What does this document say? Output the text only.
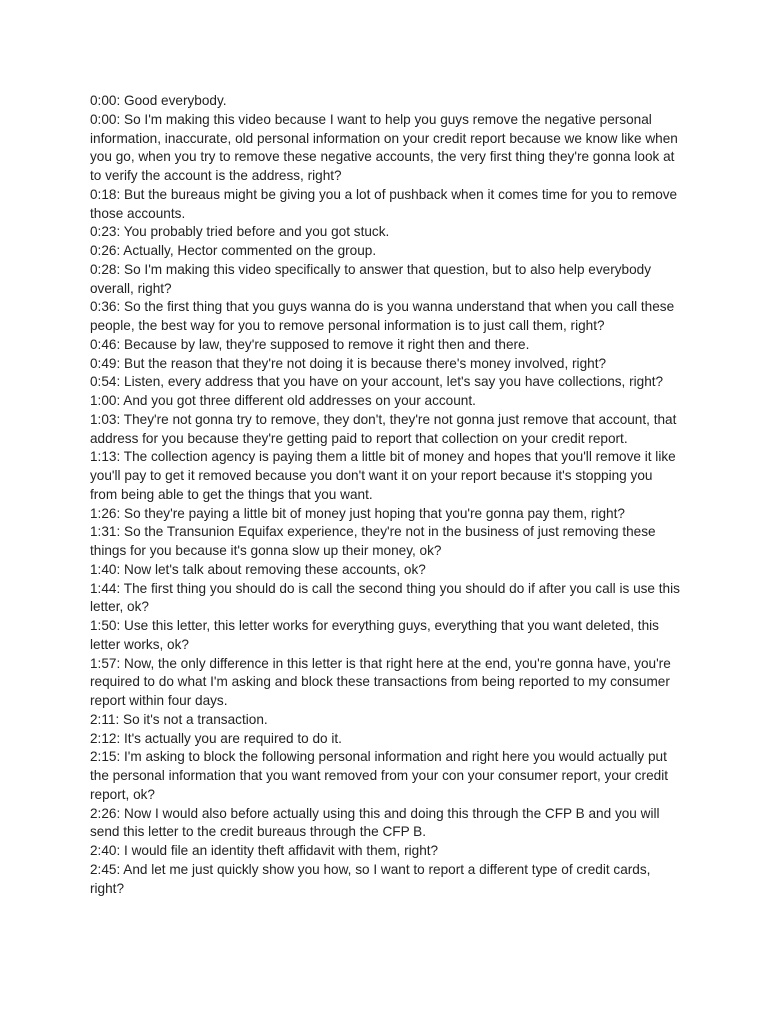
0:00: Good everybody.

0:00: So I'm making this video because I want to help you guys remove the negative personal information, inaccurate, old personal information on your credit report because we know like when you go, when you try to remove these negative accounts, the very first thing they're gonna look at to verify the account is the address, right?

0:18: But the bureaus might be giving you a lot of pushback when it comes time for you to remove those accounts.

0:23: You probably tried before and you got stuck.

0:26: Actually, Hector commented on the group.

0:28: So I'm making this video specifically to answer that question, but to also help everybody overall, right?

0:36: So the first thing that you guys wanna do is you wanna understand that when you call these people, the best way for you to remove personal information is to just call them, right?

0:46: Because by law, they're supposed to remove it right then and there.

0:49: But the reason that they're not doing it is because there's money involved, right?

0:54: Listen, every address that you have on your account, let's say you have collections, right?

1:00: And you got three different old addresses on your account.

1:03: They're not gonna try to remove, they don't, they're not gonna just remove that account, that address for you because they're getting paid to report that collection on your credit report.

1:13: The collection agency is paying them a little bit of money and hopes that you'll remove it like you'll pay to get it removed because you don't want it on your report because it's stopping you from being able to get the things that you want.

1:26: So they're paying a little bit of money just hoping that you're gonna pay them, right?

1:31: So the Transunion Equifax experience, they're not in the business of just removing these things for you because it's gonna slow up their money, ok?

1:40: Now let's talk about removing these accounts, ok?

1:44: The first thing you should do is call the second thing you should do if after you call is use this letter, ok?

1:50: Use this letter, this letter works for everything guys, everything that you want deleted, this letter works, ok?

1:57: Now, the only difference in this letter is that right here at the end, you're gonna have, you're required to do what I'm asking and block these transactions from being reported to my consumer report within four days.

2:11: So it's not a transaction.

2:12: It's actually you are required to do it.

2:15: I'm asking to block the following personal information and right here you would actually put the personal information that you want removed from your con your consumer report, your credit report, ok?

2:26: Now I would also before actually using this and doing this through the CFP B and you will send this letter to the credit bureaus through the CFP B.

2:40: I would file an identity theft affidavit with them, right?

2:45: And let me just quickly show you how, so I want to report a different type of credit cards, right?
